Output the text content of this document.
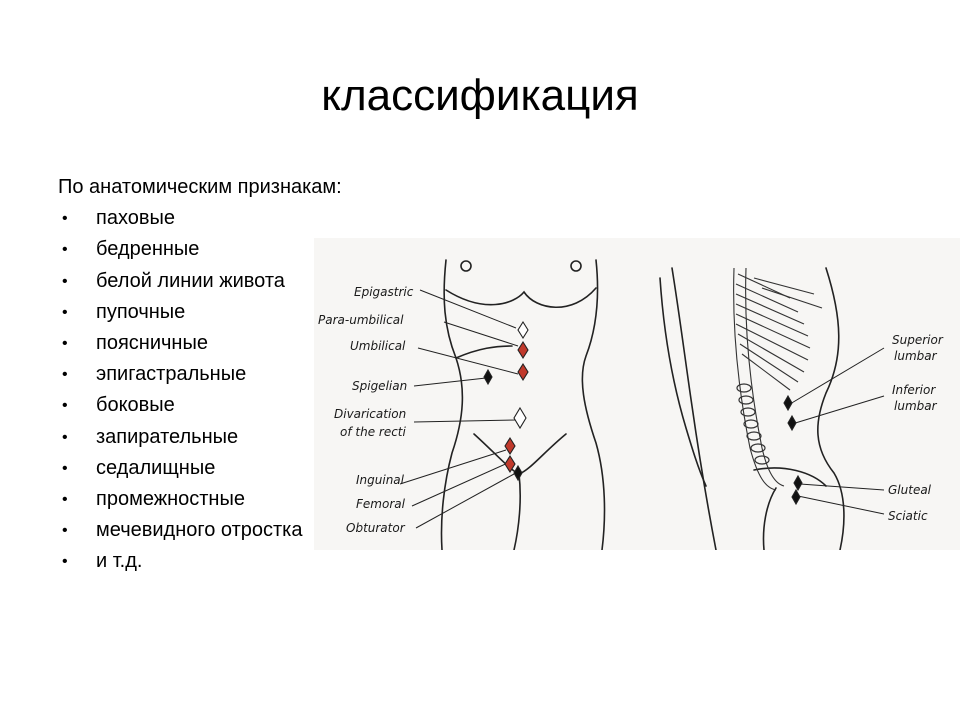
классификация
Epigastric
Para-umbilical
Umbilical
Spigelian
Divarication
of the recti
Inguinal
Femoral
Obturator
Superior
lumbar
Inferior
lumbar
Gluteal
Sciatic
По анатомическим признакам:
• паховые
• бедренные
• белой линии живота
• пупочные
• поясничные
• эпигастральные
• боковые
• запирательные
• седалищные
• промежностные
• мечевидного отростка
• и т.д.
